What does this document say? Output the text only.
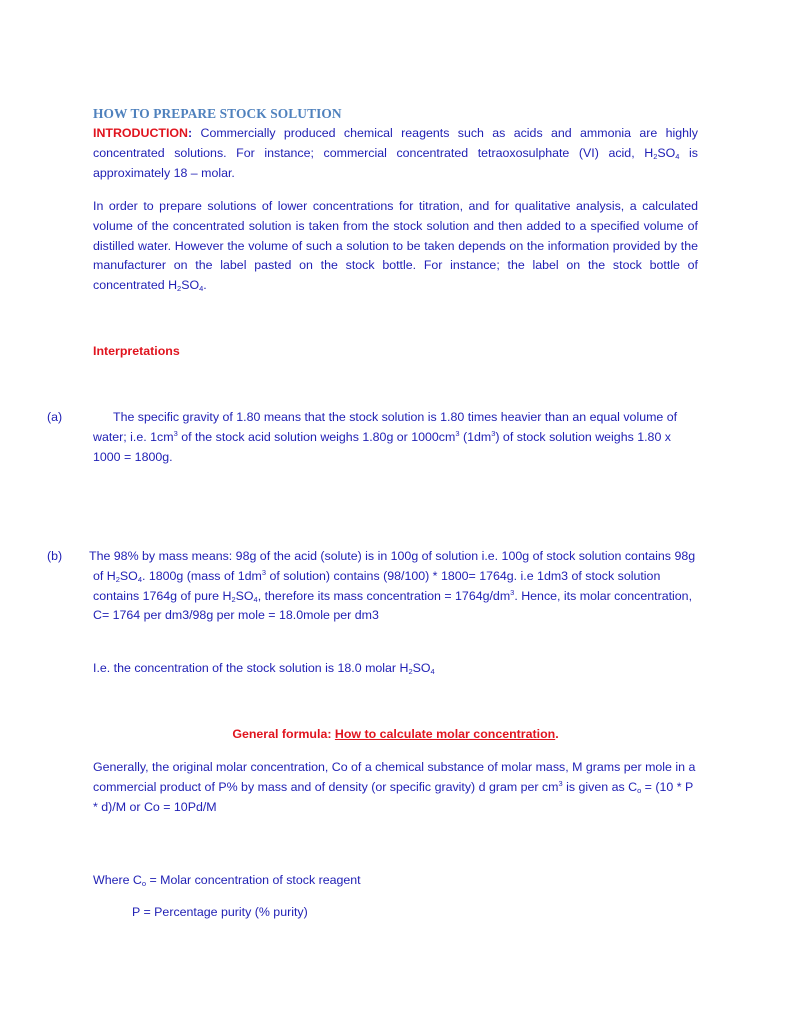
HOW TO PREPARE STOCK SOLUTION

INTRODUCTION: Commercially produced chemical reagents such as acids and ammonia are highly concentrated solutions. For instance; commercial concentrated tetraoxosulphate (VI) acid, $H_2SO_4$ is approximately 18 – molar.

In order to prepare solutions of lower concentrations for titration, and for qualitative analysis, a calculated volume of the concentrated solution is taken from the stock solution and then added to a specified volume of distilled water. However the volume of such a solution to be taken depends on the information provided by the manufacturer on the label pasted on the stock bottle. For instance; the label on the stock bottle of concentrated $H_2SO_4$.

Interpretations
(a)	The specific gravity of 1.80 means that the stock solution is 1.80 times heavier than an equal volume of water; i.e. $1cm^3$ of the stock acid solution weighs 1.80g or $1000cm^3$ $(1dm^3)$ of stock solution weighs 1.80 x 1000 = 1800g.

(b) The 98% by mass means: 98g of the acid (solute) is in 100g of solution i.e. 100g of stock solution contains 98g of $H_2SO_4$. 1800g (mass of $1dm^3$ of solution) contains (98/100) * 1800= 1764g. i.e 1dm3 of stock solution contains 1764g of pure $H_2SO_4$, therefore its mass concentration = $1764g/dm^3$. Hence, its molar concentration, C= 1764 per dm3/98g per mole = 18.0mole per dm3

I.e. the concentration of the stock solution is 18.0 molar $H_2SO_4$

General formula: How to calculate molar concentration.

Generally, the original molar concentration, Co of a chemical substance of molar mass, M grams per mole in a commercial product of P% by mass and of density (or specific gravity) d gram per $cm^3$ is given as $C_o = (10 * P * d)/M$ or Co = 10Pd/M

Where $C_o$ = Molar concentration of stock reagent

P = Percentage purity (% purity)
